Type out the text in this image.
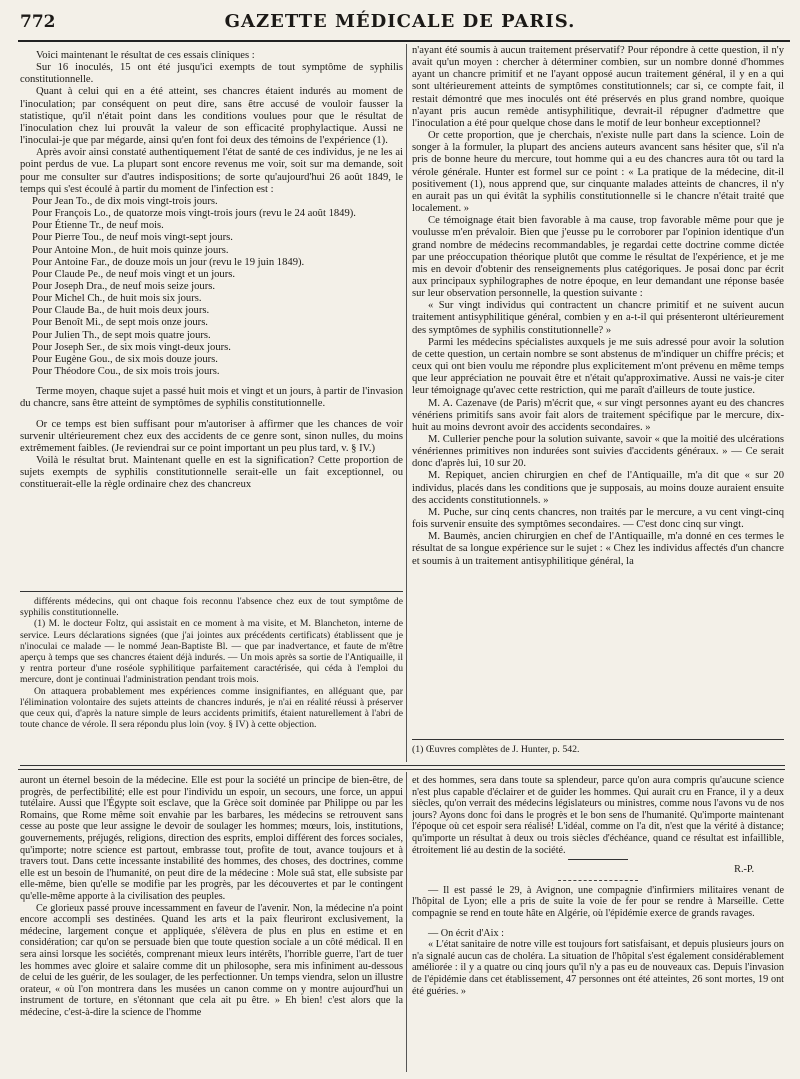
772	GAZETTE MÉDICALE DE PARIS.

Voici maintenant le résultat de ces essais cliniques :

Sur 16 inoculés, 15 ont été jusqu'ici exempts de tout symptôme de syphilis constitutionnelle.

Quant à celui qui en a été atteint, ses chancres étaient indurés au moment de l'inoculation; par conséquent on peut dire, sans être accusé de vouloir fausser la statistique, qu'il n'était point dans les conditions voulues pour que le résultat de l'inoculation chez lui prouvât la valeur de son efficacité prophylactique. Aussi ne l'inoculai-je que par mégarde, ainsi qu'en font foi deux des témoins de l'expérience (1).

Après avoir ainsi constaté authentiquement l'état de santé de ces individus, je ne les ai point perdus de vue. La plupart sont encore revenus me voir, soit sur ma demande, soit pour me consulter sur d'autres indispositions; de sorte qu'aujourd'hui 26 août 1849, le temps qui s'est écoulé à partir du moment de l'infection est :

Pour Jean To., de dix mois vingt-trois jours.
Pour François Lo., de quatorze mois vingt-trois jours (revu le 24 août 1849).
Pour Étienne Tr., de neuf mois.
Pour Pierre Tou., de neuf mois vingt-sept jours.
Pour Antoine Mon., de huit mois quinze jours.
Pour Antoine Far., de douze mois un jour (revu le 19 juin 1849).
Pour Claude Pe., de neuf mois vingt et un jours.
Pour Joseph Dra., de neuf mois seize jours.
Pour Michel Ch., de huit mois six jours.
Pour Claude Ba., de huit mois deux jours.
Pour Benoît Mi., de sept mois onze jours.
Pour Julien Th., de sept mois quatre jours.
Pour Joseph Ser., de six mois vingt-deux jours.
Pour Eugène Gou., de six mois douze jours.
Pour Théodore Cou., de six mois trois jours.

Terme moyen, chaque sujet a passé huit mois et vingt et un jours, à partir de l'invasion du chancre, sans être atteint de symptômes de syphilis constitutionnelle.

Or ce temps est bien suffisant pour m'autoriser à affirmer que les chances de voir survenir ultérieurement chez eux des accidents de ce genre sont, sinon nulles, du moins extrêmement faibles. (Je reviendrai sur ce point important un peu plus tard, v. § IV.)

Voilà le résultat brut. Maintenant quelle en est la signification? Cette proportion de sujets exempts de syphilis constitutionnelle serait-elle un fait exceptionnel, ou constituerait-elle la règle ordinaire chez des chancreux

différents médecins, qui ont chaque fois reconnu l'absence chez eux de tout symptôme de syphilis constitutionnelle.

(1) M. le docteur Foltz, qui assistait en ce moment à ma visite, et M. Blancheton, interne de service. Leurs déclarations signées (que j'ai jointes aux précédents certificats) établissent que je n'inoculai ce malade — le nommé Jean-Baptiste Bl. — que par inadvertance, et faute de m'être aperçu à temps que ses chancres étaient déjà indurés. — Un mois après sa sortie de l'Antiquaille, il y rentra porteur d'une roséole syphilitique parfaitement caractérisée, qui céda à l'emploi du mercure, dont je continuai l'administration pendant trois mois.

On attaquera probablement mes expériences comme insignifiantes, en alléguant que, par l'élimination volontaire des sujets atteints de chancres indurés, je n'ai en réalité réussi à préserver que ceux qui, d'après la nature simple de leurs accidents primitifs, étaient naturellement à l'abri de toute chance de vérole. Il sera répondu plus loin (voy. § IV) à cette objection.

n'ayant été soumis à aucun traitement préservatif? Pour répondre à cette question, il n'y avait qu'un moyen : chercher à déterminer combien, sur un nombre donné d'hommes ayant un chancre primitif et ne l'ayant opposé aucun traitement général, il y en a qui sont ultérieurement atteints de symptômes constitutionnels; car si, ce compte fait, il restait démontré que mes inoculés ont été préservés en plus grand nombre, quoique n'ayant pris aucun remède antisyphilitique, devrait-il répugner d'admettre que l'inoculation a été pour quelque chose dans le motif de leur bonheur exceptionnel?

Or cette proportion, que je cherchais, n'existe nulle part dans la science. Loin de songer à la formuler, la plupart des anciens auteurs avancent sans hésiter que, s'il n'a pris de bonne heure du mercure, tout homme qui a eu des chancres aura tôt ou tard la vérole générale. Hunter est formel sur ce point : « La pratique de la médecine, dit-il positivement (1), nous apprend que, sur cinquante malades atteints de chancres, il n'y en aurait pas un qui évitât la syphilis constitutionnelle si le chancre n'était traité que localement. »

Ce témoignage était bien favorable à ma cause, trop favorable même pour que je voulusse m'en prévaloir. Bien que j'eusse pu le corroborer par l'opinion identique d'un grand nombre de médecins recommandables, je regardai cette doctrine comme dictée par une préoccupation théorique plutôt que comme le résultat de l'expérience, et je me mis en devoir d'obtenir des renseignements plus catégoriques. Je posai donc par écrit aux principaux syphilographes de notre époque, en leur demandant une réponse basée sur leur observation personnelle, la question suivante :

« Sur vingt individus qui contractent un chancre primitif et ne suivent aucun traitement antisyphilitique général, combien y en a-t-il qui présenteront ultérieurement des symptômes de syphilis constitutionnelle? »

Parmi les médecins spécialistes auxquels je me suis adressé pour avoir la solution de cette question, un certain nombre se sont abstenus de m'indiquer un chiffre précis; et ceux qui ont bien voulu me répondre plus explicitement m'ont prévenu en même temps que leur appréciation ne pouvait être et n'était qu'approximative. Aussi ne vais-je citer leur témoignage qu'avec cette restriction, qui me paraît d'ailleurs de toute justice.

M. A. Cazenave (de Paris) m'écrit que, « sur vingt personnes ayant eu des chancres vénériens primitifs sans avoir fait alors de traitement spécifique par le mercure, dix-huit au moins devront avoir des accidents secondaires. »

M. Cullerier penche pour la solution suivante, savoir « que la moitié des ulcérations vénériennes primitives non indurées sont suivies d'accidents généraux. » — Ce serait donc d'après lui, 10 sur 20.

M. Repiquet, ancien chirurgien en chef de l'Antiquaille, m'a dit que « sur 20 individus, placés dans les conditions que je supposais, au moins douze auraient ensuite des accidents constitutionnels. »

M. Puche, sur cinq cents chancres, non traités par le mercure, a vu cent vingt-cinq fois survenir ensuite des symptômes secondaires. — C'est donc cinq sur vingt.

M. Baumès, ancien chirurgien en chef de l'Antiquaille, m'a donné en ces termes le résultat de sa longue expérience sur le sujet : « Chez les individus affectés d'un chancre et soumis à un traitement antisyphilitique général, la

(1) Œuvres complètes de J. Hunter, p. 542.

auront un éternel besoin de la médecine. Elle est pour la société un principe de bien-être, de progrès, de perfectibilité; elle est pour l'individu un espoir, un secours, une force, un appui tutélaire. Aussi que l'Égypte soit esclave, que la Grèce soit dominée par Philippe ou par les Romains, que Rome même soit envahie par les barbares, les médecins se retrouvent sans cesse au poste que leur assigne le devoir de soulager les hommes; mœurs, lois, institutions, gouvernements, préjugés, religions, direction des esprits, emploi différent des forces sociales, qu'importe; notre science est partout, embrasse tout, profite de tout, avance toujours et à travers tout. Dans cette incessante instabilité des hommes, des choses, des doctrines, comme elle est un besoin de l'humanité, on peut dire de la médecine : Mole suâ stat, elle subsiste par elle-même, bien qu'elle se modifie par les progrès, par les découvertes et par le contingent qu'elle-même apporte à la civilisation des peuples.

Ce glorieux passé prouve incessamment en faveur de l'avenir. Non, la médecine n'a point encore accompli ses destinées. Quand les arts et la paix fleuriront exclusivement, la médecine, largement conçue et appliquée, s'élèvera de plus en plus en estime et en considération; car qu'on se persuade bien que toute question sociale a un côté médical. Il en sera ainsi lorsque les sociétés, comprenant mieux leurs intérêts, l'horrible guerre, l'art de tuer les hommes avec gloire et salaire comme dit un philosophe, sera mis infiniment au-dessous de celui de les guérir, de les soulager, de les perfectionner. Un temps viendra, selon un illustre orateur, « où l'on montrera dans les musées un canon comme on y montre aujourd'hui un instrument de torture, en s'étonnant que cela ait pu être. » Eh bien! c'est alors que la médecine, c'est-à-dire la science de l'homme

et des hommes, sera dans toute sa splendeur, parce qu'on aura compris qu'aucune science n'est plus capable d'éclairer et de guider les hommes. Qui aurait cru en France, il y a deux siècles, qu'on verrait des médecins législateurs ou ministres, comme nous l'avons vu de nos jours? Ayons donc foi dans le progrès et le bon sens de l'humanité. Qu'importe maintenant l'époque où cet espoir sera réalisé! L'idéal, comme on l'a dit, n'est que la vérité à distance; qu'importe un résultat à deux ou trois siècles d'échéance, quand ce résultat est infaillible, étroitement lié au destin de la société.

R.-P.

— Il est passé le 29, à Avignon, une compagnie d'infirmiers militaires venant de l'hôpital de Lyon; elle a pris de suite la voie de fer pour se rendre à Marseille. Cette compagnie se rend en toute hâte en Algérie, où l'épidémie exerce de grands ravages.

— On écrit d'Aix :

« L'état sanitaire de notre ville est toujours fort satisfaisant, et depuis plusieurs jours on n'a signalé aucun cas de choléra. La situation de l'hôpital s'est également considérablement améliorée : il y a quatre ou cinq jours qu'il n'y a pas eu de nouveaux cas. Depuis l'invasion de l'épidémie dans cet établissement, 47 personnes ont été atteintes, 26 sont mortes, 19 ont été guéries. »
